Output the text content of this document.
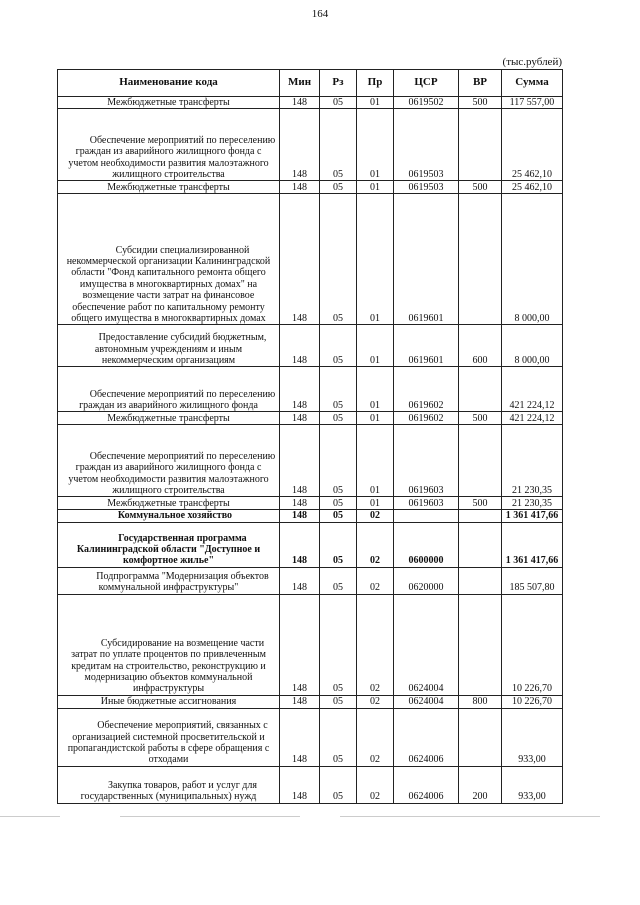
164
(тыс.рублей)
Наименование кода	Мин	Рз	Пр	ЦСР	ВР	Сумма
Межбюджетные трансферты	148	05	01	0619502	500	117 557,00
Обеспечение мероприятий по переселению граждан из аварийного жилищного фонда с учетом необходимости развития малоэтажного жилищного строительства	148	05	01	0619503		25 462,10
Межбюджетные трансферты	148	05	01	0619503	500	25 462,10
Субсидии специализированной некоммерческой организации Калининградской области "Фонд капитального ремонта общего имущества в многоквартирных домах" на возмещение части затрат на финансовое обеспечение работ по капитальному ремонту общего имущества в многоквартирных домах	148	05	01	0619601		8 000,00
Предоставление субсидий бюджетным, автономным учреждениям и иным некоммерческим организациям	148	05	01	0619601	600	8 000,00
Обеспечение мероприятий по переселению граждан из аварийного жилищного фонда	148	05	01	0619602		421 224,12
Межбюджетные трансферты	148	05	01	0619602	500	421 224,12
Обеспечение мероприятий по переселению граждан из аварийного жилищного фонда с учетом необходимости развития малоэтажного жилищного строительства	148	05	01	0619603		21 230,35
Межбюджетные трансферты	148	05	01	0619603	500	21 230,35
Коммунальное хозяйство	148	05	02			1 361 417,66
Государственная программа Калининградской области "Доступное и комфортное жилье"	148	05	02	0600000		1 361 417,66
Подпрограмма "Модернизация объектов коммунальной инфраструктуры"	148	05	02	0620000		185 507,80
Субсидирование на возмещение части затрат по уплате процентов по привлеченным кредитам на строительство, реконструкцию и модернизацию объектов коммунальной инфраструктуры	148	05	02	0624004		10 226,70
Иные бюджетные ассигнования	148	05	02	0624004	800	10 226,70
Обеспечение мероприятий, связанных с организацией системной просветительской и пропагандистской работы в сфере обращения с отходами	148	05	02	0624006		933,00
Закупка товаров, работ и услуг для государственных (муниципальных) нужд	148	05	02	0624006	200	933,00
